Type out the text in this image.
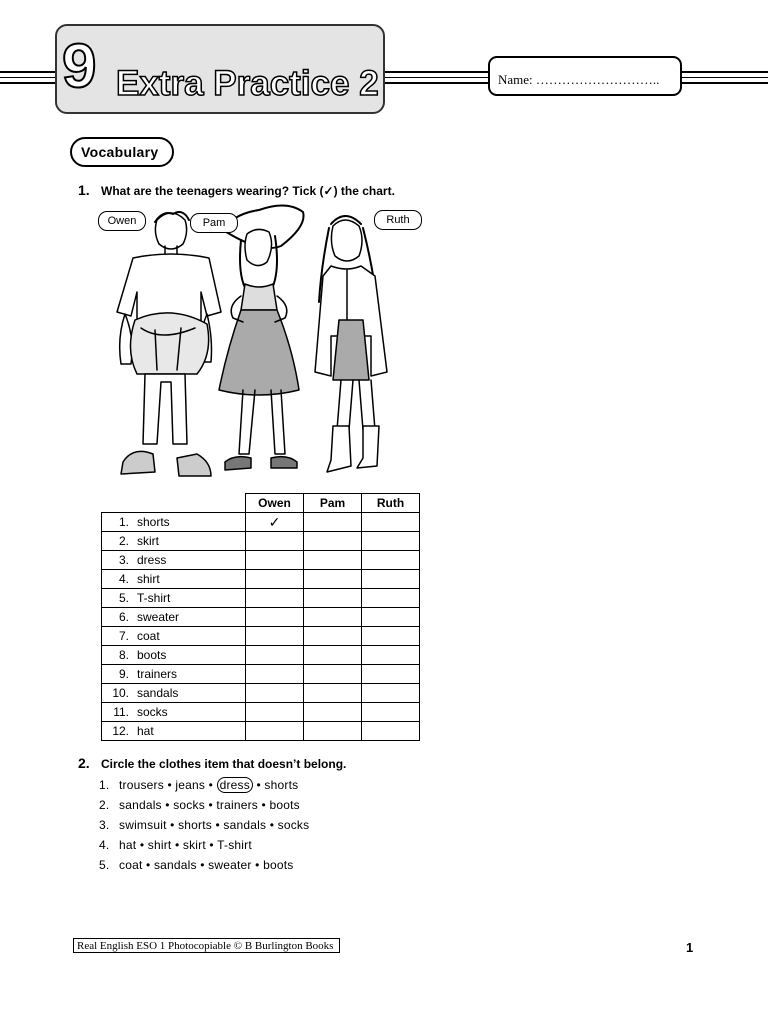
9 Extra Practice 2	Name: ………………………..
Vocabulary
1. What are the teenagers wearing? Tick (✓) the chart.
Owen	Pam	Ruth
	Owen	Pam	Ruth
1. shorts	✓		
2. skirt			
3. dress			
4. shirt			
5. T-shirt			
6. sweater			
7. coat			
8. boots			
9. trainers			
10. sandals			
11. socks			
12. hat			
2. Circle the clothes item that doesn’t belong.
1. trousers • jeans • dress • shorts
2. sandals • socks • trainers • boots
3. swimsuit • shorts • sandals • socks
4. hat • shirt • skirt • T-shirt
5. coat • sandals • sweater • boots
Real English ESO 1 Photocopiable © B Burlington Books	1
